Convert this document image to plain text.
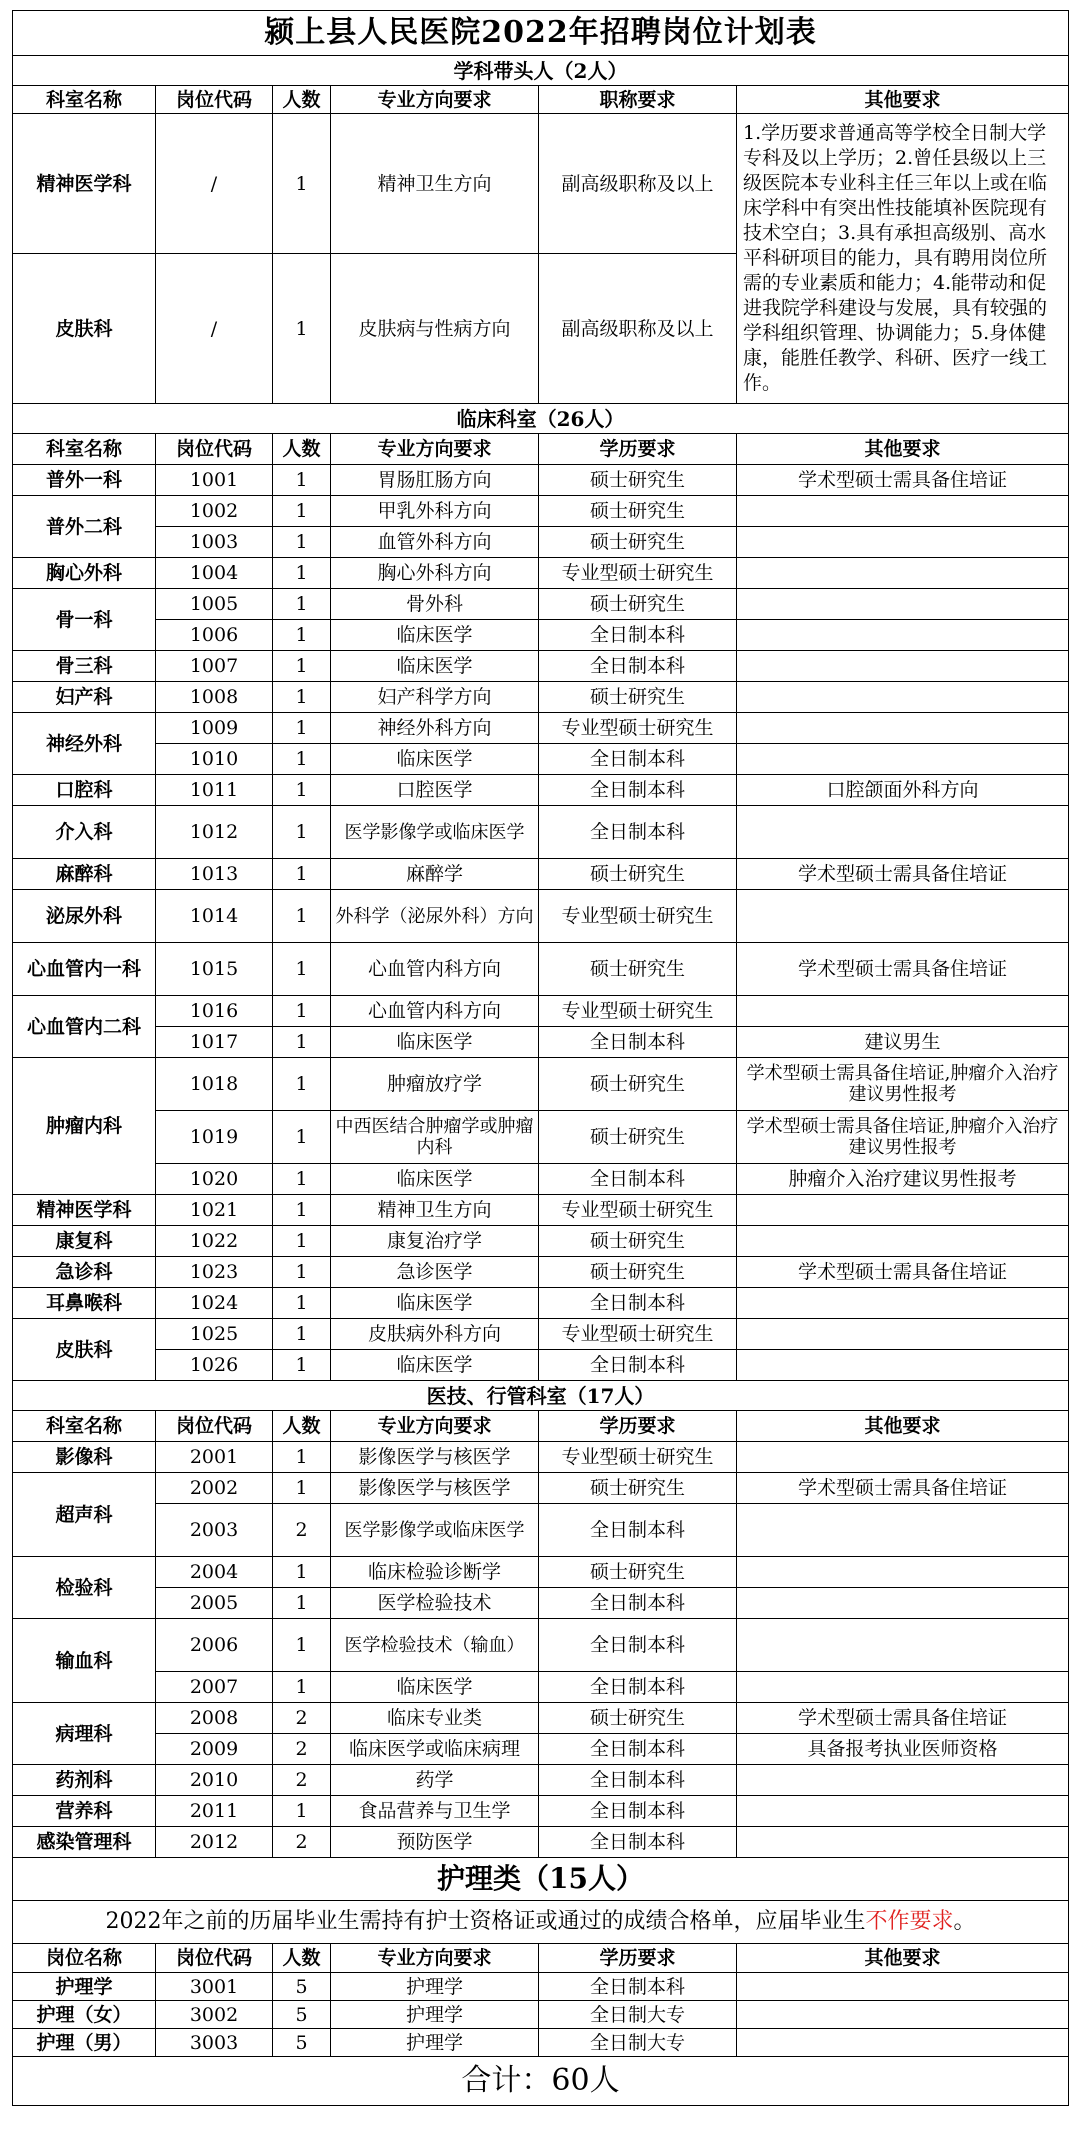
颍上县人民医院2022年招聘岗位计划表					
学科带头人（2人）					
科室名称	岗位代码	人数	专业方向要求	职称要求	其他要求
精神医学科	/	1	精神卫生方向	副高级职称及以上	1.学历要求普通高等学校全日制大学专科及以上学历；2.曾任县级以上三级医院本专业科主任三年以上或在临床学科中有突出性技能填补医院现有技术空白；3.具有承担高级别、高水平科研项目的能力，具有聘用岗位所需的专业素质和能力；4.能带动和促进我院学科建设与发展，具有较强的学科组织管理、协调能力；5.身体健康，能胜任教学、科研、医疗一线工作。
皮肤科	/	1	皮肤病与性病方向	副高级职称及以上	
临床科室（26人）					
科室名称	岗位代码	人数	专业方向要求	学历要求	其他要求
普外一科	1001	1	胃肠肛肠方向	硕士研究生	学术型硕士需具备住培证
普外二科	1002	1	甲乳外科方向	硕士研究生	
	1003	1	血管外科方向	硕士研究生	
胸心外科	1004	1	胸心外科方向	专业型硕士研究生	
骨一科	1005	1	骨外科	硕士研究生	
	1006	1	临床医学	全日制本科	
骨三科	1007	1	临床医学	全日制本科	
妇产科	1008	1	妇产科学方向	硕士研究生	
神经外科	1009	1	神经外科方向	专业型硕士研究生	
	1010	1	临床医学	全日制本科	
口腔科	1011	1	口腔医学	全日制本科	口腔颌面外科方向
介入科	1012	1	医学影像学或临床医学	全日制本科	
麻醉科	1013	1	麻醉学	硕士研究生	学术型硕士需具备住培证
泌尿外科	1014	1	外科学（泌尿外科）方向	专业型硕士研究生	
心血管内一科	1015	1	心血管内科方向	硕士研究生	学术型硕士需具备住培证
心血管内二科	1016	1	心血管内科方向	专业型硕士研究生	
	1017	1	临床医学	全日制本科	建议男生
肿瘤内科	1018	1	肿瘤放疗学	硕士研究生	学术型硕士需具备住培证,肿瘤介入治疗建议男性报考
	1019	1	中西医结合肿瘤学或肿瘤内科	硕士研究生	学术型硕士需具备住培证,肿瘤介入治疗建议男性报考
	1020	1	临床医学	全日制本科	肿瘤介入治疗建议男性报考
精神医学科	1021	1	精神卫生方向	专业型硕士研究生	
康复科	1022	1	康复治疗学	硕士研究生	
急诊科	1023	1	急诊医学	硕士研究生	学术型硕士需具备住培证
耳鼻喉科	1024	1	临床医学	全日制本科	
皮肤科	1025	1	皮肤病外科方向	专业型硕士研究生	
	1026	1	临床医学	全日制本科	
医技、行管科室（17人）					
科室名称	岗位代码	人数	专业方向要求	学历要求	其他要求
影像科	2001	1	影像医学与核医学	专业型硕士研究生	
超声科	2002	1	影像医学与核医学	硕士研究生	学术型硕士需具备住培证
	2003	2	医学影像学或临床医学	全日制本科	
检验科	2004	1	临床检验诊断学	硕士研究生	
	2005	1	医学检验技术	全日制本科	
输血科	2006	1	医学检验技术（输血）	全日制本科	
	2007	1	临床医学	全日制本科	
病理科	2008	2	临床专业类	硕士研究生	学术型硕士需具备住培证
	2009	2	临床医学或临床病理	全日制本科	具备报考执业医师资格
药剂科	2010	2	药学	全日制本科	
营养科	2011	1	食品营养与卫生学	全日制本科	
感染管理科	2012	2	预防医学	全日制本科	
护理类（15人）					
2022年之前的历届毕业生需持有护士资格证或通过的成绩合格单，应届毕业生不作要求。					
岗位名称	岗位代码	人数	专业方向要求	学历要求	其他要求
护理学	3001	5	护理学	全日制本科	
护理（女）	3002	5	护理学	全日制大专	
护理（男）	3003	5	护理学	全日制大专	
合计：60人					
